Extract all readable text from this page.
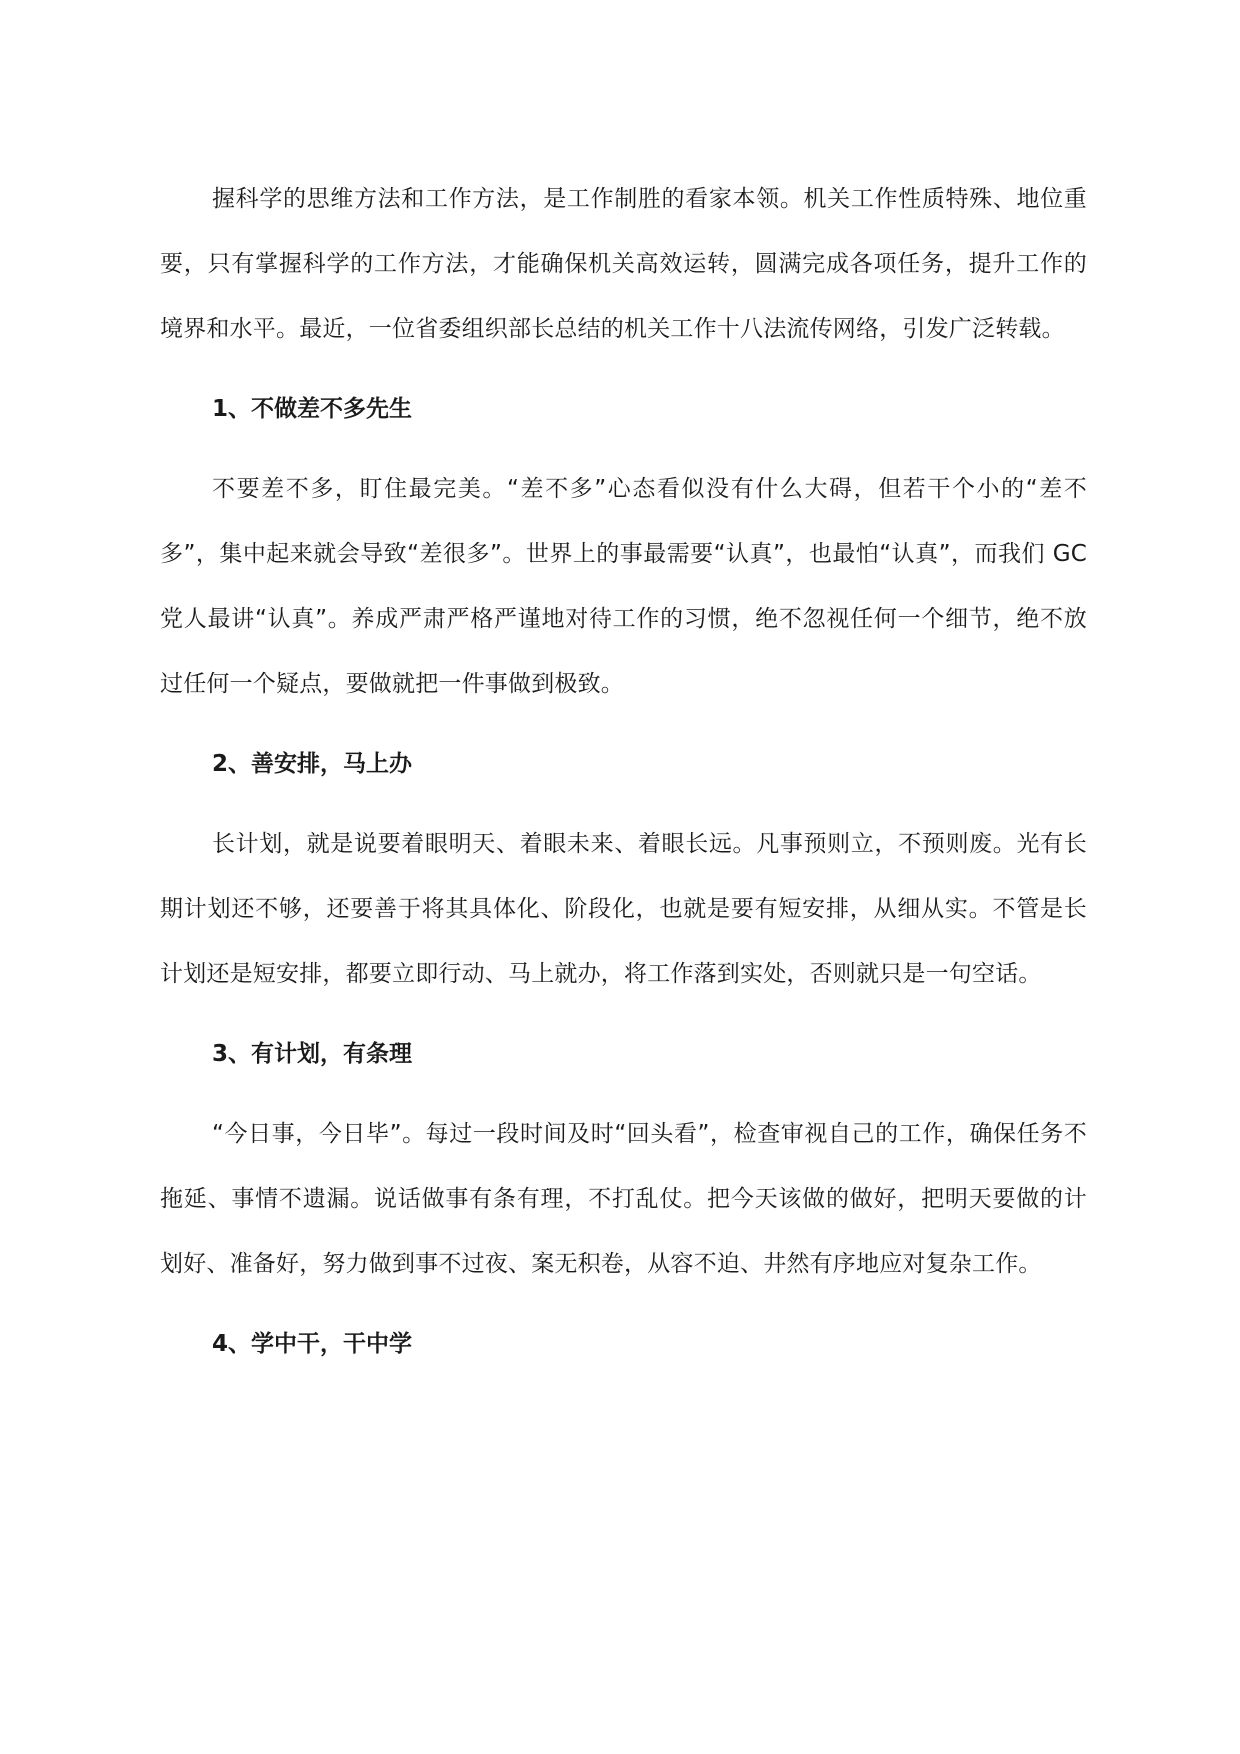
握科学的思维方法和工作方法，是工作制胜的看家本领。机关工作性质特殊、地位重要，只有掌握科学的工作方法，才能确保机关高效运转，圆满完成各项任务，提升工作的境界和水平。最近，一位省委组织部长总结的机关工作十八法流传网络，引发广泛转载。

1、不做差不多先生

不要差不多，盯住最完美。“差不多”心态看似没有什么大碍，但若干个小的“差不多”，集中起来就会导致“差很多”。世界上的事最需要“认真”，也最怕“认真”，而我们 GC 党人最讲“认真”。养成严肃严格严谨地对待工作的习惯，绝不忽视任何一个细节，绝不放过任何一个疑点，要做就把一件事做到极致。

2、善安排，马上办

长计划，就是说要着眼明天、着眼未来、着眼长远。凡事预则立，不预则废。光有长期计划还不够，还要善于将其具体化、阶段化，也就是要有短安排，从细从实。不管是长计划还是短安排，都要立即行动、马上就办，将工作落到实处，否则就只是一句空话。

3、有计划，有条理

“今日事，今日毕”。每过一段时间及时“回头看”，检查审视自己的工作，确保任务不拖延、事情不遗漏。说话做事有条有理，不打乱仗。把今天该做的做好，把明天要做的计划好、准备好，努力做到事不过夜、案无积卷，从容不迫、井然有序地应对复杂工作。

4、学中干，干中学
